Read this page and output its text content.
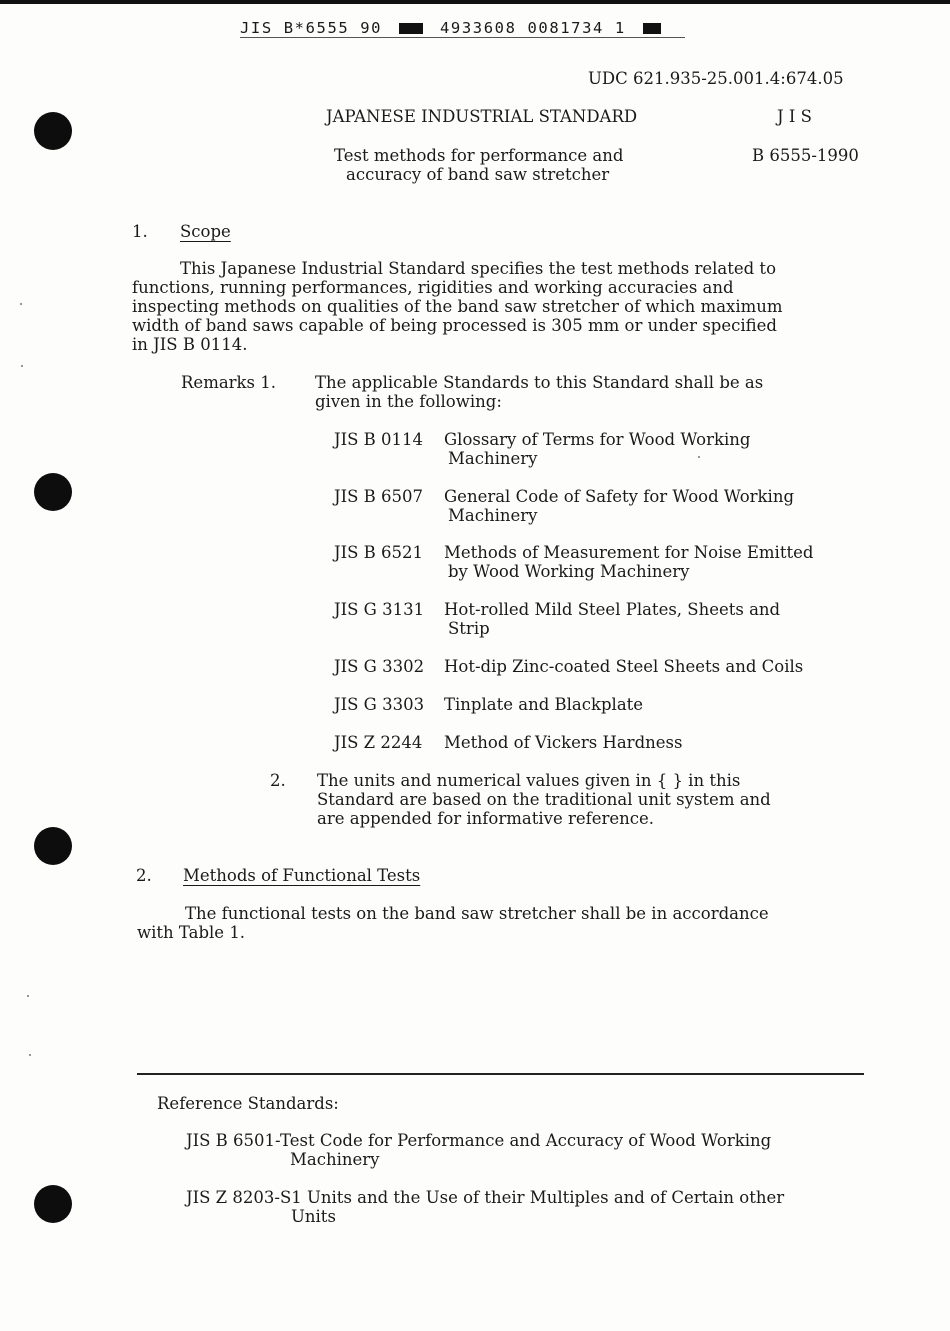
JIS B*6555 90	4933608 0081734 1
UDC 621.935-25.001.4:674.05
JAPANESE INDUSTRIAL STANDARD	J I S
Test methods for performance and
accuracy of band saw stretcher
B 6555-1990
1. Scope
This Japanese Industrial Standard specifies the test methods related to
functions, running performances, rigidities and working accuracies and
inspecting methods on qualities of the band saw stretcher of which maximum
width of band saws capable of being processed is 305 mm or under specified
in JIS B 0114.
Remarks 1. The applicable Standards to this Standard shall be as
given in the following:
JIS B 0114 Glossary of Terms for Wood Working
Machinery
JIS B 6507 General Code of Safety for Wood Working
Machinery
JIS B 6521 Methods of Measurement for Noise Emitted
by Wood Working Machinery
JIS G 3131 Hot-rolled Mild Steel Plates, Sheets and
Strip
JIS G 3302 Hot-dip Zinc-coated Steel Sheets and Coils
JIS G 3303 Tinplate and Blackplate
JIS Z 2244 Method of Vickers Hardness
2. The units and numerical values given in { } in this
Standard are based on the traditional unit system and
are appended for informative reference.
2. Methods of Functional Tests
The functional tests on the band saw stretcher shall be in accordance
with Table 1.
Reference Standards:
JIS B 6501-Test Code for Performance and Accuracy of Wood Working
Machinery
JIS Z 8203-S1 Units and the Use of their Multiples and of Certain other
Units
